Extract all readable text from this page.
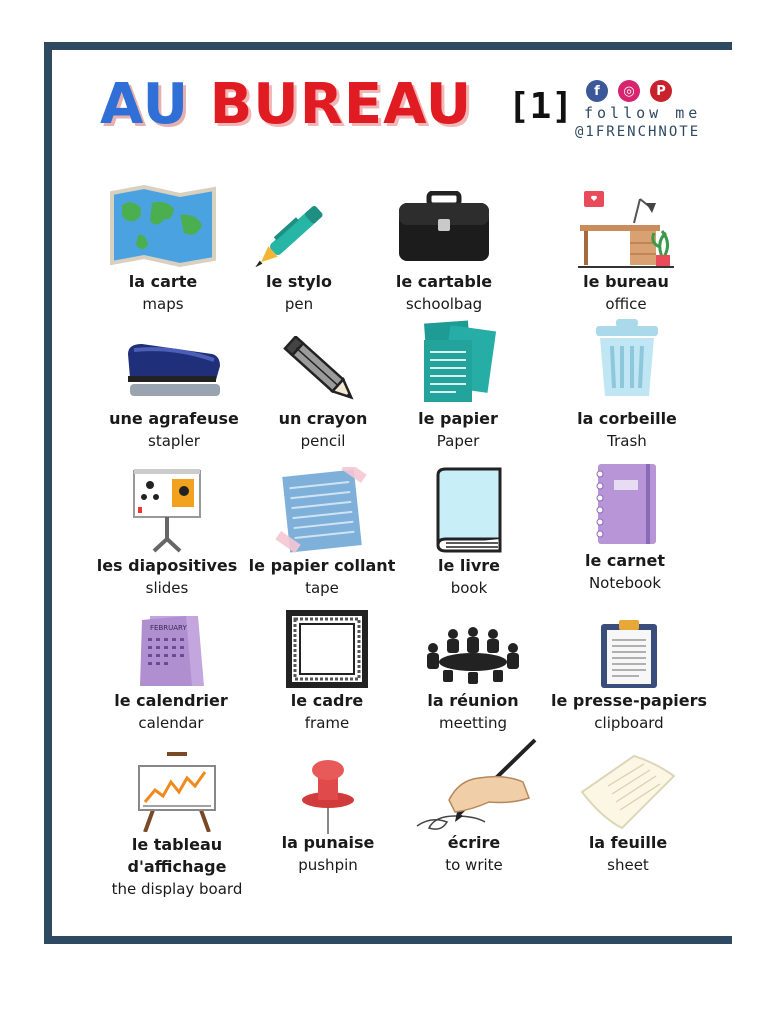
AU BUREAU [1]	f	◎	P
follow me
@1FRENCHNOTE
la carte
maps
le stylo
pen
le cartable
schoolbag
le bureau
office
une agrafeuse
stapler
un crayon
pencil
le papier
Paper
la corbeille
Trash
les diapositives
slides
le papier collant
tape
le livre
book
le carnet
Notebook
FEBRUARY
le calendrier
calendar
le cadre
frame
la réunion
meetting
le presse-papiers
clipboard
le tableau d'affichage
the display board
la punaise
pushpin
écrire
to write
la feuille
sheet
